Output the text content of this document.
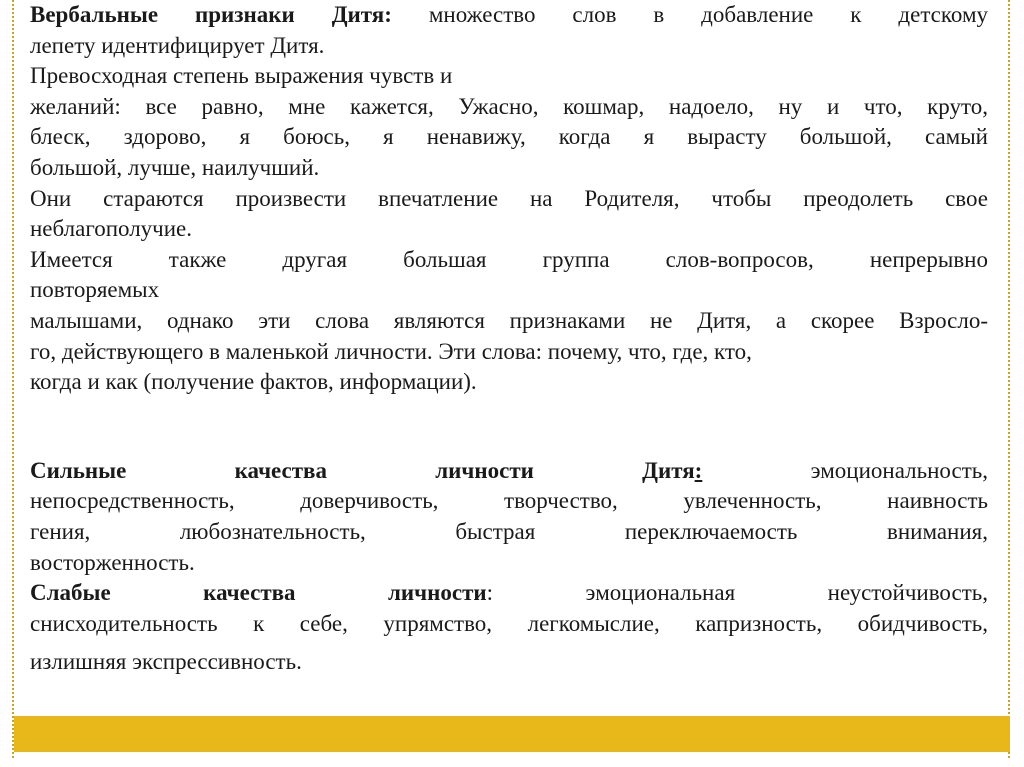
Вербальные признаки Дитя: множество слов в добавление к детскому

лепету идентифицирует Дитя.

Превосходная степень выражения чувств и

желаний: все равно, мне кажется, Ужасно, кошмар, надоело, ну и что, круто,

блеск, здорово, я боюсь, я ненавижу, когда я вырасту большой, самый

большой, лучше, наилучший.

Они стараются произвести впечатление на Родителя, чтобы преодолеть свое

неблагополучие.

Имеется также другая большая группа слов-вопросов, непрерывно

повторяемых

малышами, однако эти слова являются признаками не Дитя, а скорее Взросло-

го, действующего в маленькой личности. Эти слова: почему, что, где, кто,

когда и как (получение фактов, информации).

Сильные качества личности Дитя: эмоциональность,

непосредственность, доверчивость, творчество, увлеченность, наивность

гения, любознательность, быстрая переключаемость внимания,

восторженность.

Слабые качества личности: эмоциональная неустойчивость,

снисходительность к себе, упрямство, легкомыслие, капризность, обидчивость,

излишняя экспрессивность.
